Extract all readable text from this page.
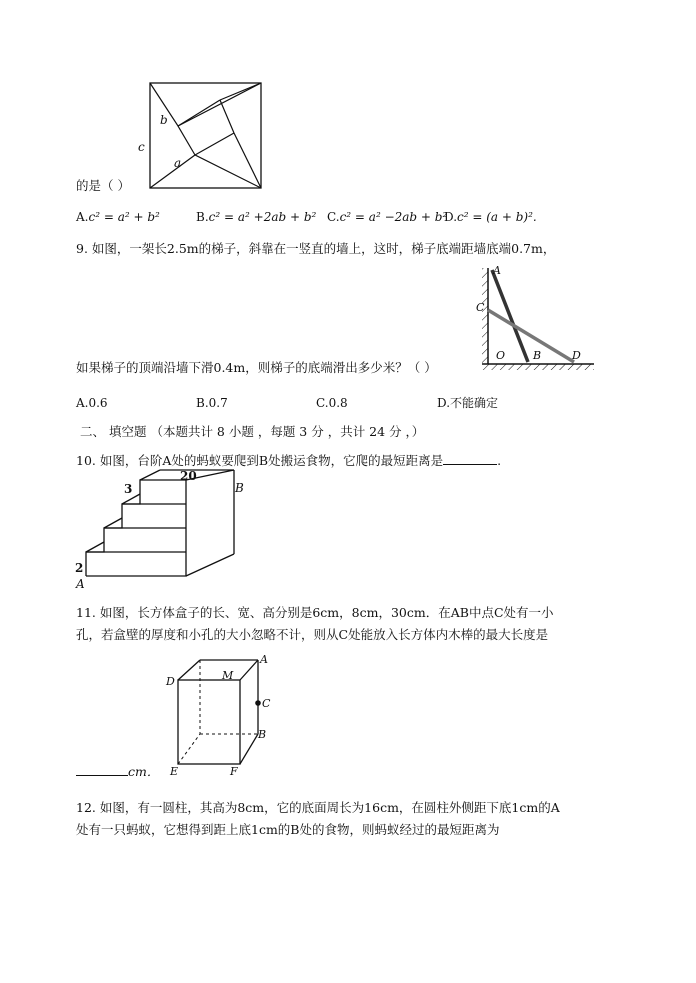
b
c
a
的是（ ）
A.c² = a² + b²	B.c² = a² +2ab + b² C.c² = a² −2ab + b²
D.c² = (a + b)².
9. 如图，一架长2.5m的梯子，斜靠在一竖直的墙上，这时，梯子底端距墙底端0.7m，
A
C
O	B	D
如果梯子的顶端沿墙下滑0.4m，则梯子的底端滑出多少米？（ ）
A.0.6	B.0.7	C.0.8	D.不能确定
二、 填空题 （本题共计 8 小题 ，每题 3 分 ，共计 24 分 ，）
10. 如图，台阶A处的蚂蚁要爬到B处搬运食物，它爬的最短距离是	.
20
3	B
2
A
11. 如图，长方体盒子的长、宽、高分别是6cm，8cm，30cm．在AB中点C处有一小
孔，若盒壁的厚度和小孔的大小忽略不计，则从C处能放入长方体内木棒的最大长度是
A
D	M
C
B
E	F
cm．
12. 如图，有一圆柱，其高为8cm，它的底面周长为16cm，在圆柱外侧距下底1cm的A
处有一只蚂蚁，它想得到距上底1cm的B处的食物，则蚂蚁经过的最短距离为
